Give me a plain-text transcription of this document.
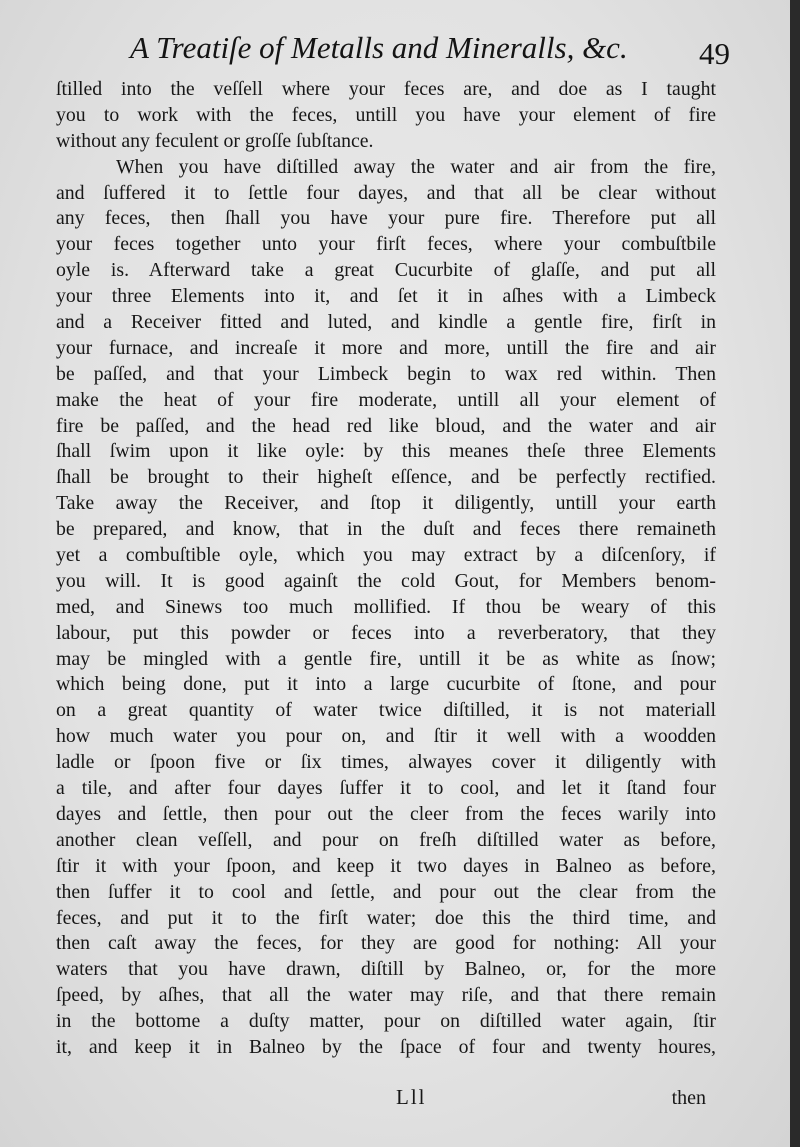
A Treatiſe of Metalls and Mineralls, &c. 49
ſtilled into the veſſell where your feces are, and doe as I taught
you to work with the feces, untill you have your element of fire
without any feculent or groſſe ſubſtance.
When you have diſtilled away the water and air from the fire,
and ſuffered it to ſettle four dayes, and that all be clear without
any feces, then ſhall you have your pure fire. Therefore put all
your feces together unto your firſt feces, where your combuſtbile
oyle is. Afterward take a great Cucurbite of glaſſe, and put all
your three Elements into it, and ſet it in aſhes with a Limbeck
and a Receiver fitted and luted, and kindle a gentle fire, firſt in
your furnace, and increaſe it more and more, untill the fire and air
be paſſed, and that your Limbeck begin to wax red within. Then
make the heat of your fire moderate, untill all your element of
fire be paſſed, and the head red like bloud, and the water and air
ſhall ſwim upon it like oyle: by this meanes theſe three Elements
ſhall be brought to their higheſt eſſence, and be perfectly rectified.
Take away the Receiver, and ſtop it diligently, untill your earth
be prepared, and know, that in the duſt and feces there remaineth
yet a combuſtible oyle, which you may extract by a diſcenſory, if
you will. It is good againſt the cold Gout, for Members benom-
med, and Sinews too much mollified. If thou be weary of this
labour, put this powder or feces into a reverberatory, that they
may be mingled with a gentle fire, untill it be as white as ſnow;
which being done, put it into a large cucurbite of ſtone, and pour
on a great quantity of water twice diſtilled, it is not materiall
how much water you pour on, and ſtir it well with a woodden
ladle or ſpoon five or ſix times, alwayes cover it diligently with
a tile, and after four dayes ſuffer it to cool, and let it ſtand four
dayes and ſettle, then pour out the cleer from the feces warily into
another clean veſſell, and pour on freſh diſtilled water as before,
ſtir it with your ſpoon, and keep it two dayes in Balneo as before,
then ſuffer it to cool and ſettle, and pour out the clear from the
feces, and put it to the firſt water; doe this the third time, and
then caſt away the feces, for they are good for nothing: All your
waters that you have drawn, diſtill by Balneo, or, for the more
ſpeed, by aſhes, that all the water may riſe, and that there remain
in the bottome a duſty matter, pour on diſtilled water again, ſtir
it, and keep it in Balneo by the ſpace of four and twenty houres,
Lll	then
